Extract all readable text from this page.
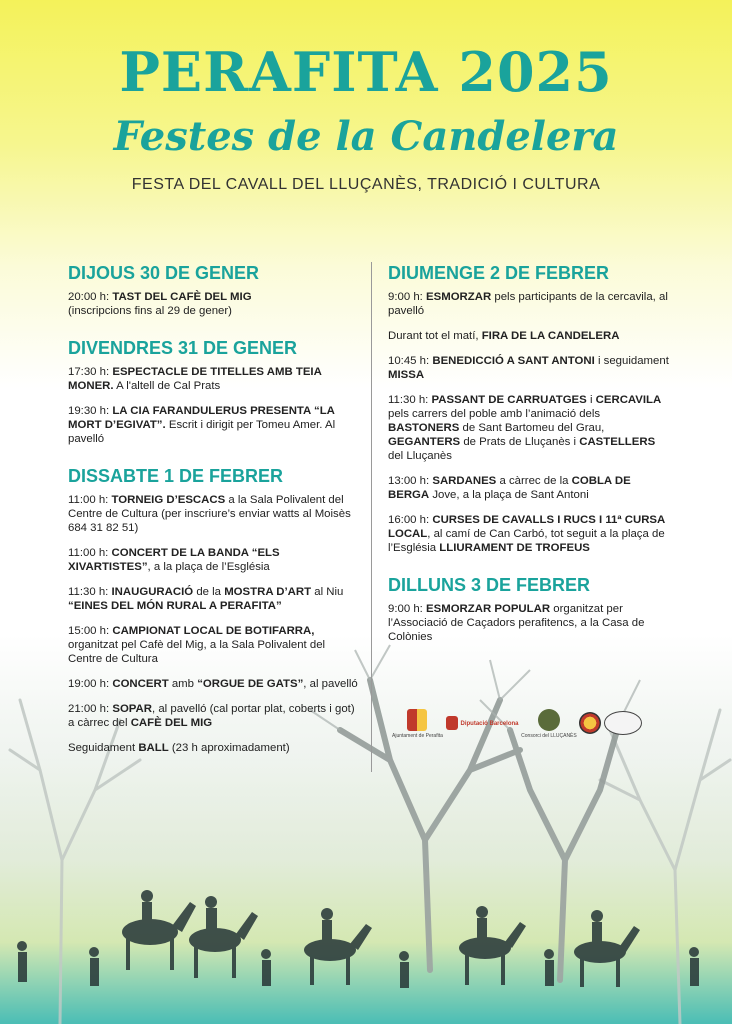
PERAFITA 2025
Festes de la Candelera
FESTA DEL CAVALL DEL LLUÇANÈS, TRADICIÓ I CULTURA
DIJOUS 30 DE GENER
20:00 h: TAST DEL CAFÈ DEL MIG
(inscripcions fins al 29 de gener)
DIVENDRES 31 DE GENER
17:30 h: ESPECTACLE DE TITELLES AMB TEIA MONER. A l'altell de Cal Prats
19:30 h: LA CIA FARANDULERUS PRESENTA “LA MORT D’EGIVAT”. Escrit i dirigit per Tomeu Amer. Al pavelló
DISSABTE 1 DE FEBRER
11:00 h: TORNEIG D’ESCACS a la Sala Polivalent del Centre de Cultura (per inscriure’s enviar watts al Moisès 684 31 82 51)
11:00 h: CONCERT DE LA BANDA “ELS XIVARTISTES”, a la plaça de l’Església
11:30 h: INAUGURACIÓ de la MOSTRA D’ART al Niu “EINES DEL MÓN RURAL A PERAFITA”
15:00 h: CAMPIONAT LOCAL DE BOTIFARRA, organitzat pel Cafè del Mig, a la Sala Polivalent del Centre de Cultura
19:00 h: CONCERT amb “ORGUE DE GATS”, al pavelló
21:00 h: SOPAR, al pavelló (cal portar plat, coberts i got) a càrrec del CAFÈ DEL MIG
Seguidament BALL (23 h aproximadament)
DIUMENGE 2 DE FEBRER
9:00 h: ESMORZAR pels participants de la cercavila, al pavelló
Durant tot el matí, FIRA DE LA CANDELERA
10:45 h: BENEDICCIÓ A SANT ANTONI i seguidament MISSA
11:30 h: PASSANT DE CARRUATGES i CERCAVILA pels carrers del poble amb l’animació dels BASTONERS de Sant Bartomeu del Grau, GEGANTERS de Prats de Lluçanès i CASTELLERS del Lluçanès
13:00 h: SARDANES a càrrec de la COBLA DE BERGA Jove, a la plaça de Sant Antoni
16:00 h: CURSES DE CAVALLS I RUCS I 11ª CURSA LOCAL, al camí de Can Carbó, tot seguit a la plaça de l’Església LLIURAMENT DE TROFEUS
DILLUNS 3 DE FEBRER
9:00 h: ESMORZAR POPULAR organitzat per l’Associació de Caçadors perafitencs, a la Casa de Colònies
Ajuntament de Perafita
Diputació Barcelona
Consorci del LLUÇANÈS
